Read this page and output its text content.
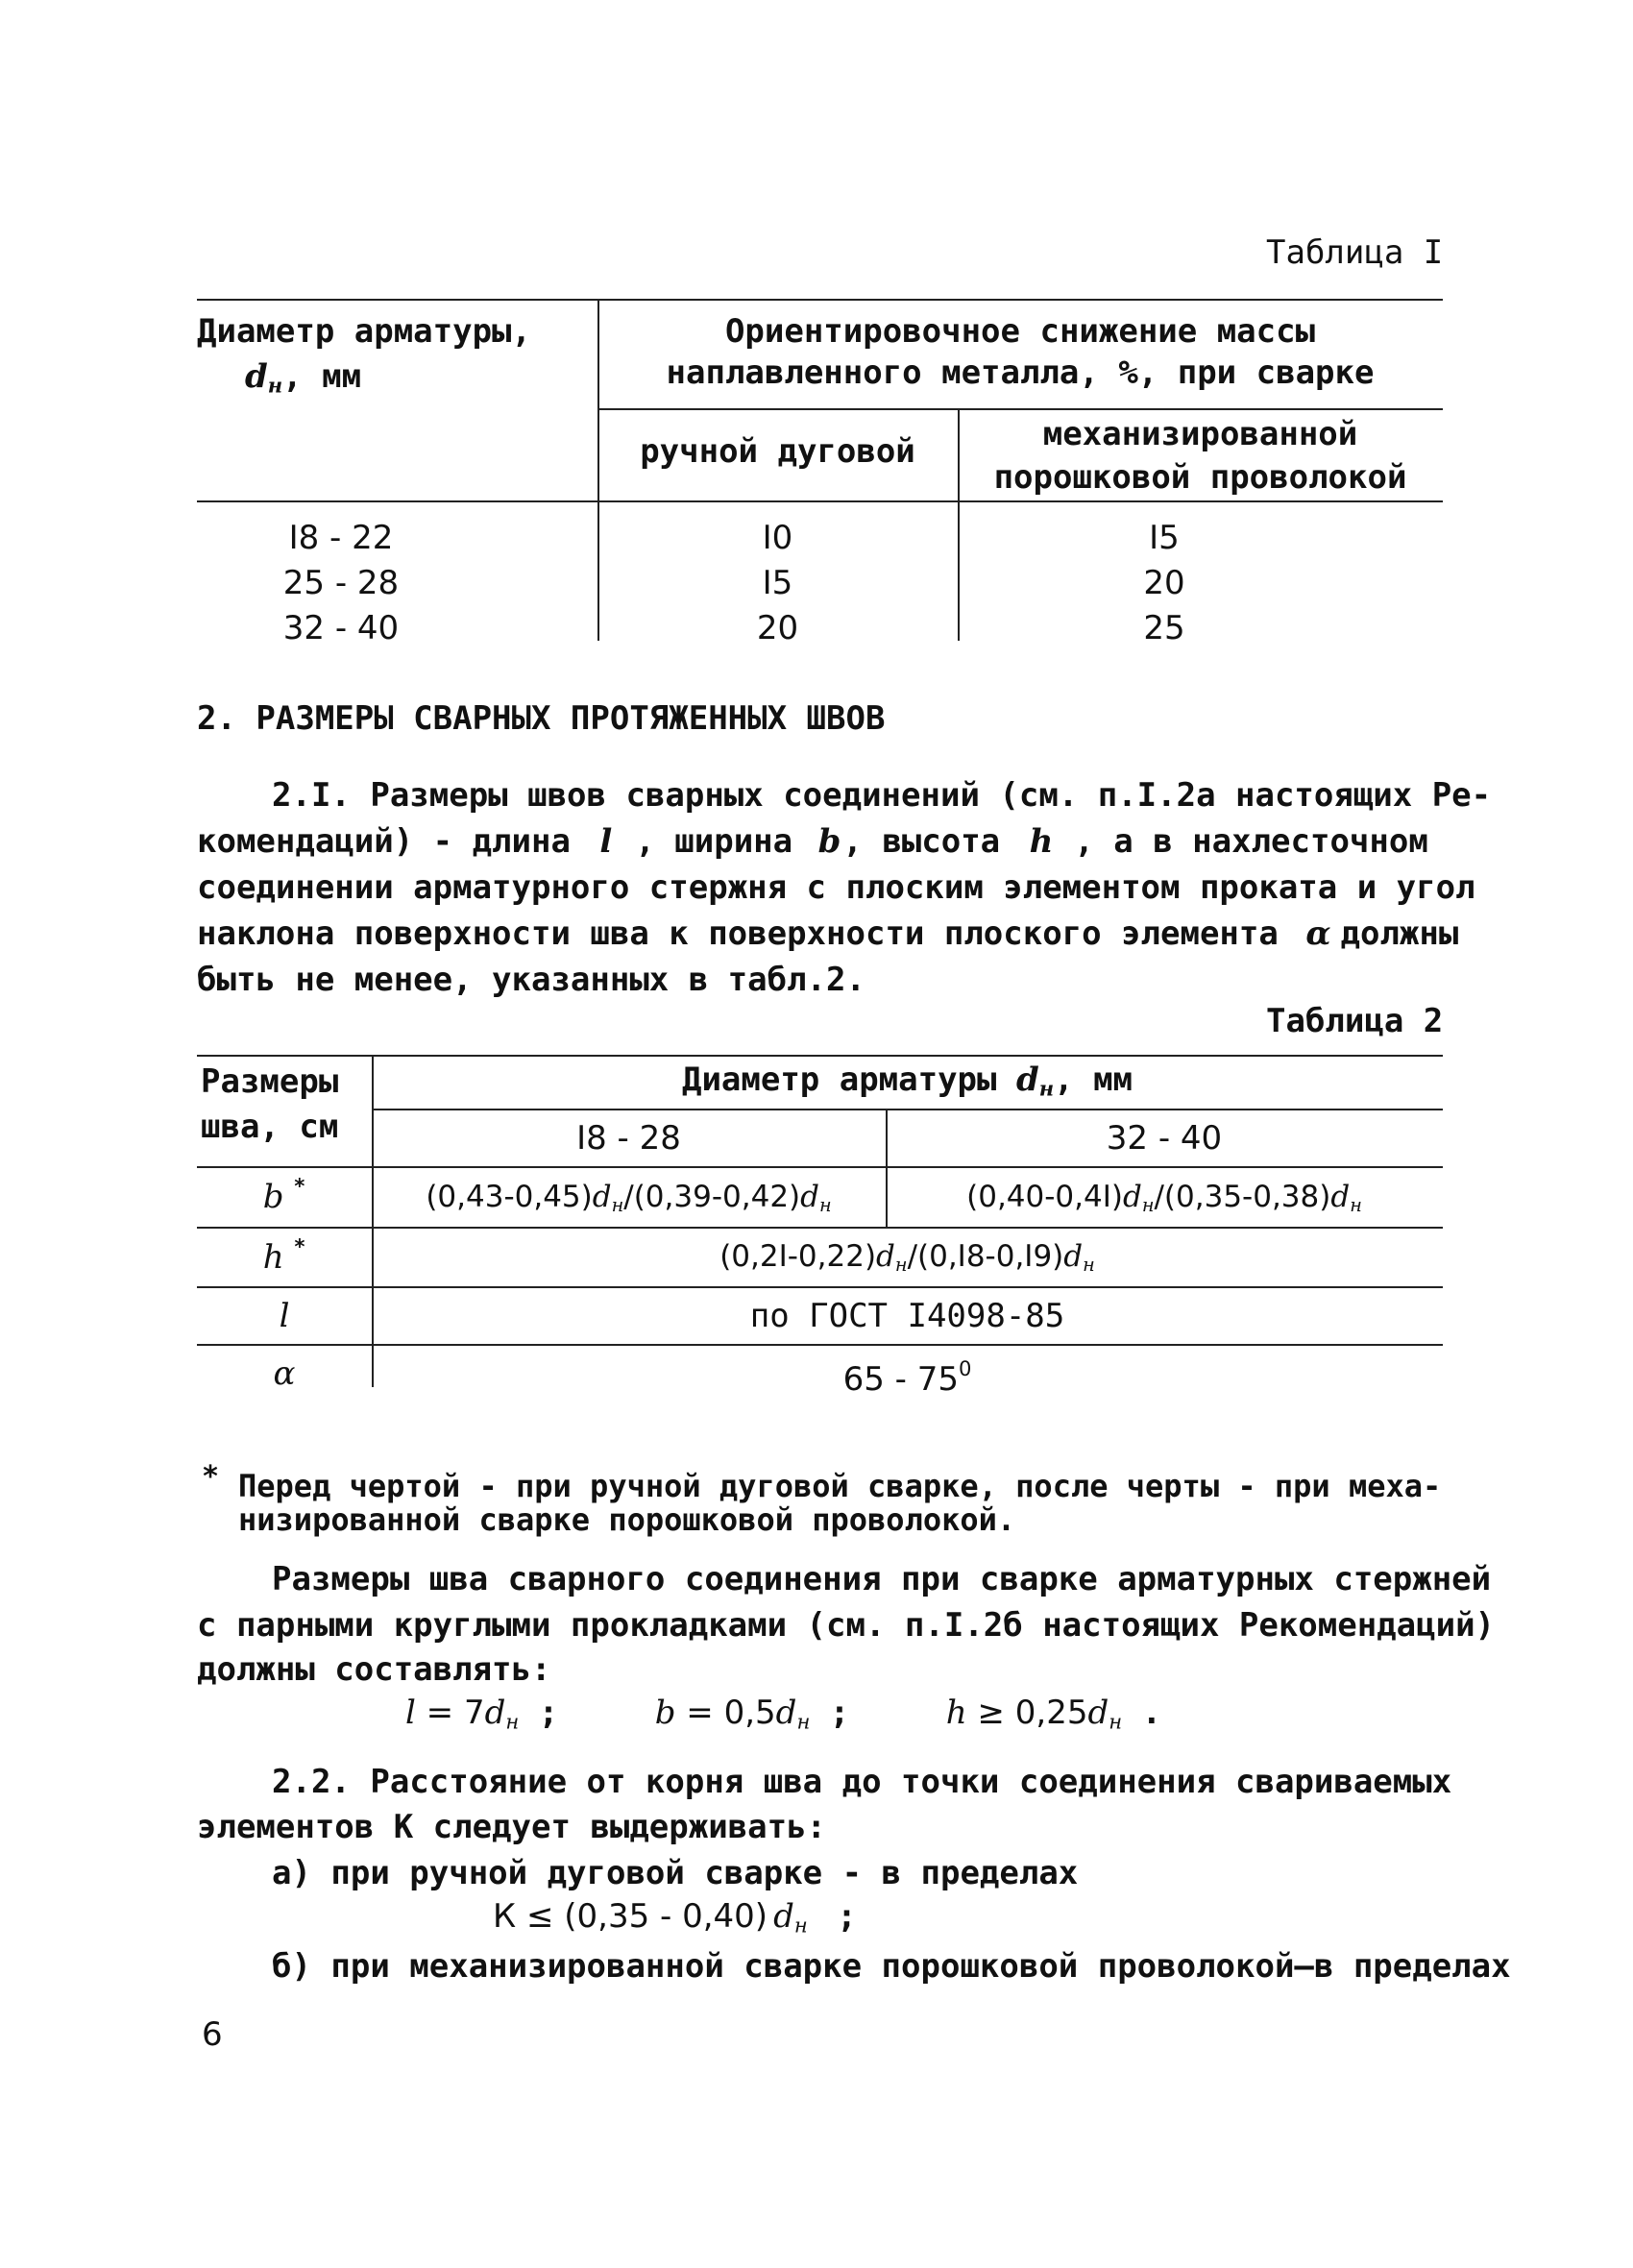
Таблица I
Диаметр арматуры,
$d_н$, мм
Ориентировочное снижение массы
наплавленного металла, %, при сварке
ручной дуговой	механизированной
порошковой проволокой
I8 - 22	I0	I5
25 - 28	I5	20
32 - 40	20	25
2. РАЗМЕРЫ СВАРНЫХ ПРОТЯЖЕННЫХ ШВОВ
2.I. Размеры швов сварных соединений (см. п.I.2а настоящих Ре-
комендаций) - длина l , ширина b, высота h , а в нахлесточном
соединении арматурного стержня с плоским элементом проката и угол
наклона поверхности шва к поверхности плоского элемента α должны
быть не менее, указанных в табл.2.
Таблица 2
Размеры
шва, см
Диаметр арматуры $d_н$, мм
I8 - 28	32 - 40
b *	$(0,43-0,45)d_н/(0,39-0,42)d_н$	$(0,40-0,4I)d_н/(0,35-0,38)d_н$
h *	$(0,2I-0,22)d_н/(0,I8-0,I9)d_н$
l	по ГОСТ I4098-85
α	$65 - 75^0$
* Перед чертой - при ручной дуговой сварке, после черты - при меха-
низированной сварке порошковой проволокой.
Размеры шва сварного соединения при сварке арматурных стержней
с парными круглыми прокладками (см. п.I.2б настоящих Рекомендаций)
должны составлять:
$l = 7d_н$ ;	$b = 0,5d_н$ ;	$h \ge 0,25d_н$ .
2.2. Расстояние от корня шва до точки соединения свариваемых
элементов К следует выдерживать:
а) при ручной дуговой сварке - в пределах
К ≤ (0,35 - 0,40) $d_н$ ;
б) при механизированной сварке порошковой проволокой—в пределах
6
